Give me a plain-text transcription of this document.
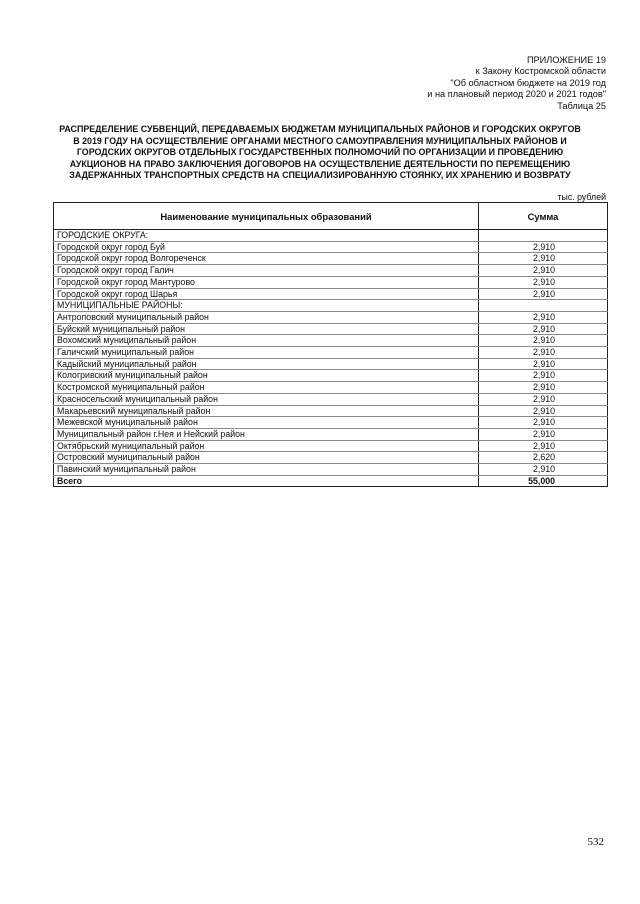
ПРИЛОЖЕНИЕ 19
к Закону Костромской области
"Об областном бюджете на 2019 год
и на плановый период 2020 и 2021 годов"
Таблица 25
РАСПРЕДЕЛЕНИЕ СУБВЕНЦИЙ, ПЕРЕДАВАЕМЫХ БЮДЖЕТАМ МУНИЦИПАЛЬНЫХ РАЙОНОВ И ГОРОДСКИХ ОКРУГОВ В 2019 ГОДУ НА ОСУЩЕСТВЛЕНИЕ ОРГАНАМИ МЕСТНОГО САМОУПРАВЛЕНИЯ МУНИЦИПАЛЬНЫХ РАЙОНОВ И ГОРОДСКИХ ОКРУГОВ ОТДЕЛЬНЫХ ГОСУДАРСТВЕННЫХ ПОЛНОМОЧИЙ ПО ОРГАНИЗАЦИИ И ПРОВЕДЕНИЮ АУКЦИОНОВ НА ПРАВО ЗАКЛЮЧЕНИЯ ДОГОВОРОВ НА ОСУЩЕСТВЛЕНИЕ ДЕЯТЕЛЬНОСТИ ПО ПЕРЕМЕЩЕНИЮ ЗАДЕРЖАННЫХ ТРАНСПОРТНЫХ СРЕДСТВ НА СПЕЦИАЛИЗИРОВАННУЮ СТОЯНКУ, ИХ ХРАНЕНИЮ И ВОЗВРАТУ
тыс. рублей
Наименование муниципальных образований	Сумма
ГОРОДСКИЕ ОКРУГА:	
Городской округ город Буй	2,910
Городской округ город Волгореченск	2,910
Городской округ город Галич	2,910
Городской округ город Мантурово	2,910
Городской округ город Шарья	2,910
МУНИЦИПАЛЬНЫЕ РАЙОНЫ:	
Антроповский муниципальный район	2,910
Буйский муниципальный район	2,910
Вохомский муниципальный район	2,910
Галичский муниципальный район	2,910
Кадыйский муниципальный район	2,910
Кологривский муниципальный район	2,910
Костромской муниципальный район	2,910
Красносельский муниципальный район	2,910
Макарьевский муниципальный район	2,910
Межевской муниципальный район	2,910
Муниципальный район г.Нея и Нейский район	2,910
Октябрьский муниципальный район	2,910
Островский муниципальный район	2,620
Павинский муниципальный район	2,910
Всего	55,000
532
